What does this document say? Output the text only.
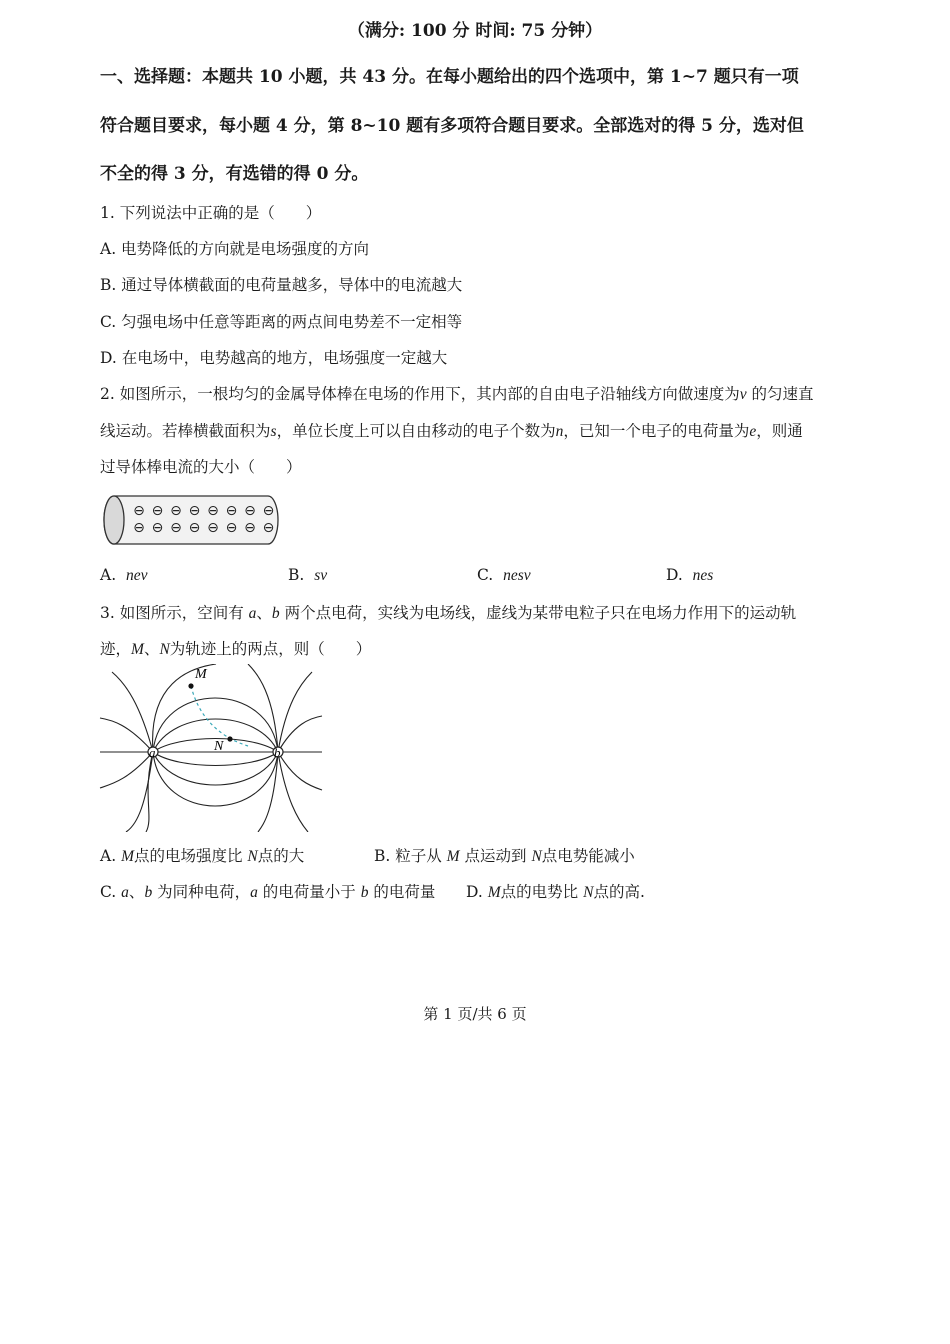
（满分: 100 分 时间: 75 分钟）
一、选择题：本题共 10 小题，共 43 分。在每小题给出的四个选项中，第 1~7 题只有一项
符合题目要求，每小题 4 分，第 8~10 题有多项符合题目要求。全部选对的得 5 分，选对但
不全的得 3 分，有选错的得 0 分。
1. 下列说法中正确的是（　　）
A. 电势降低的方向就是电场强度的方向
B. 通过导体横截面的电荷量越多，导体中的电流越大
C. 匀强电场中任意等距离的两点间电势差不一定相等
D. 在电场中，电势越高的地方，电场强度一定越大
2. 如图所示，一根均匀的金属导体棒在电场的作用下，其内部的自由电子沿轴线方向做速度为v 的匀速直
线运动。若棒横截面积为s，单位长度上可以自由移动的电子个数为n，已知一个电子的电荷量为e，则通
过导体棒电流的大小（　　）
⊖ ⊖ ⊖ ⊖ ⊖ ⊖ ⊖ ⊖
⊖ ⊖ ⊖ ⊖ ⊖ ⊖ ⊖ ⊖
A. nev	B. sv	C. nesv	D. nes
3. 如图所示，空间有 a、b 两个点电荷，实线为电场线，虚线为某带电粒子只在电场力作用下的运动轨
迹，M、N为轨迹上的两点，则（　　）
M
N
a	b
A. M点的电场强度比 N点的大	B. 粒子从 M 点运动到 N点电势能减小
C. a、b 为同种电荷，a 的电荷量小于 b 的电荷量 D. M点的电势比 N点的高.
第 1 页/共 6 页
